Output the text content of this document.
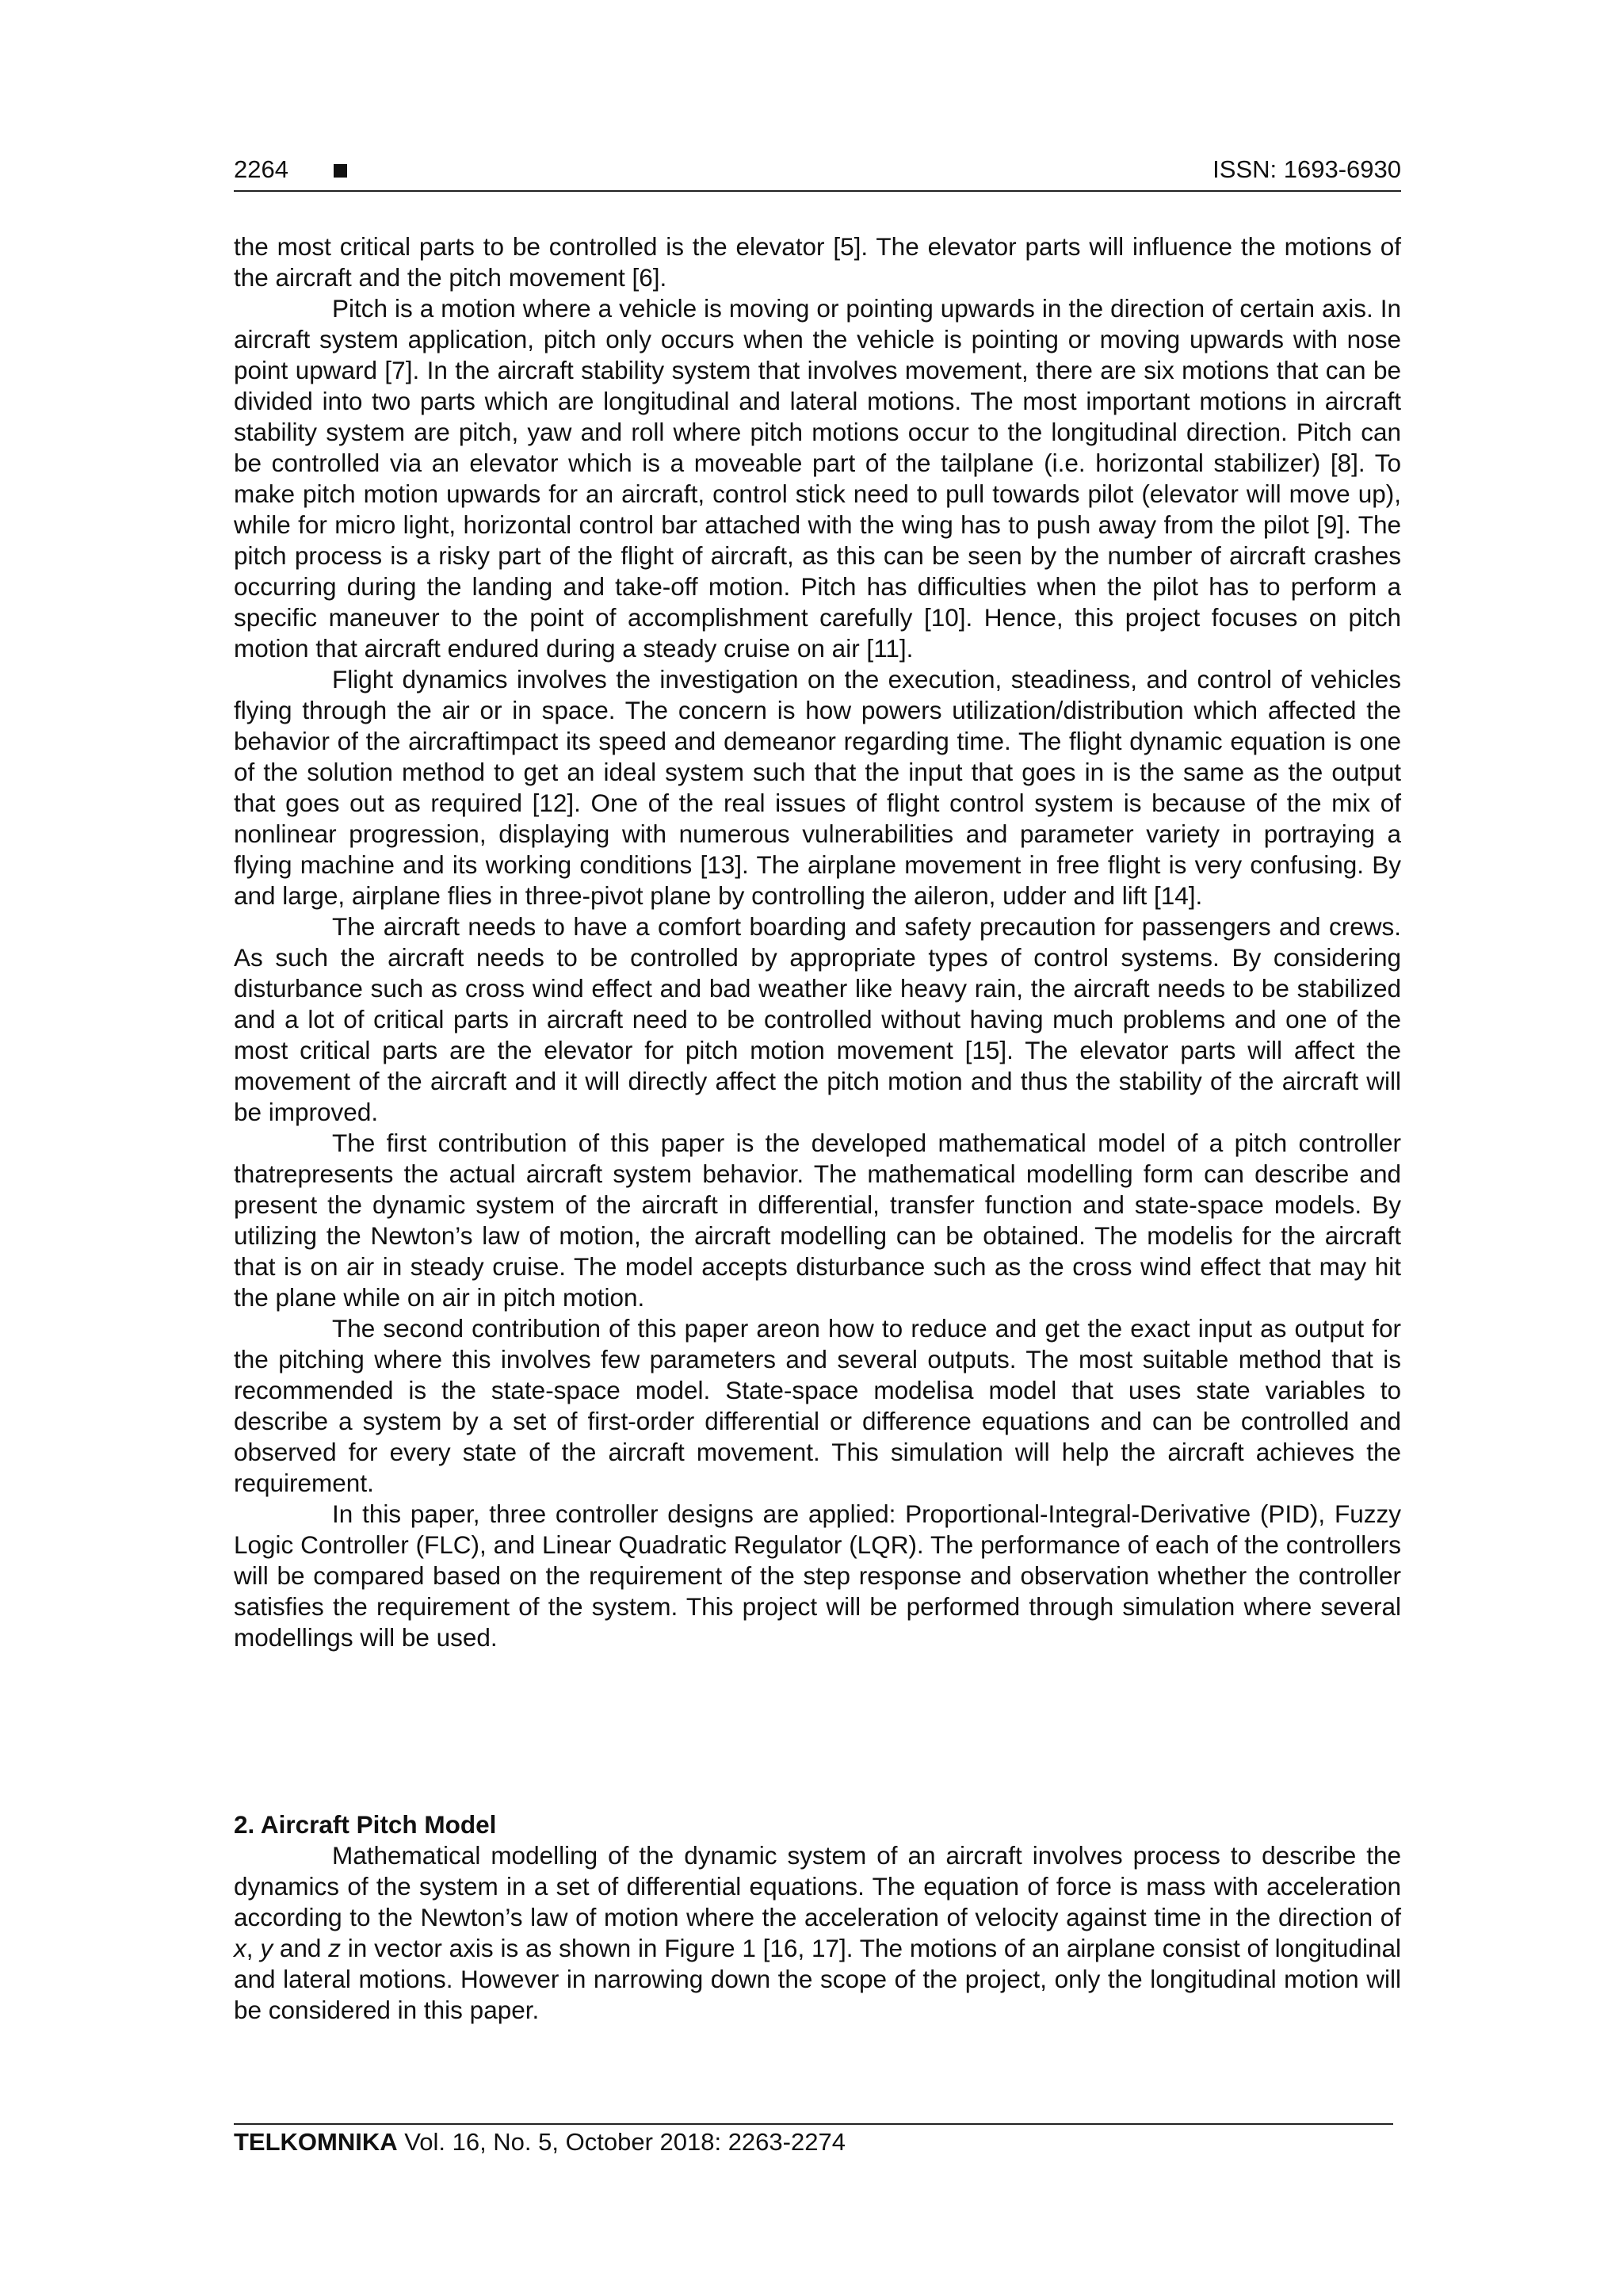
2264	ISSN: 1693-6930

the most critical parts to be controlled is the elevator [5]. The elevator parts will influence the motions of the aircraft and the pitch movement [6].

Pitch is a motion where a vehicle is moving or pointing upwards in the direction of certain axis. In aircraft system application, pitch only occurs when the vehicle is pointing or moving upwards with nose point upward [7]. In the aircraft stability system that involves movement, there are six motions that can be divided into two parts which are longitudinal and lateral motions. The most important motions in aircraft stability system are pitch, yaw and roll where pitch motions occur to the longitudinal direction. Pitch can be controlled via an elevator which is a moveable part of the tailplane (i.e. horizontal stabilizer) [8]. To make pitch motion upwards for an aircraft, control stick need to pull towards pilot (elevator will move up), while for micro light, horizontal control bar attached with the wing has to push away from the pilot [9]. The pitch process is a risky part of the flight of aircraft, as this can be seen by the number of aircraft crashes occurring during the landing and take-off motion. Pitch has difficulties when the pilot has to perform a specific maneuver to the point of accomplishment carefully [10]. Hence, this project focuses on pitch motion that aircraft endured during a steady cruise on air [11].

Flight dynamics involves the investigation on the execution, steadiness, and control of vehicles flying through the air or in space. The concern is how powers utilization/distribution which affected the behavior of the aircraftimpact its speed and demeanor regarding time. The flight dynamic equation is one of the solution method to get an ideal system such that the input that goes in is the same as the output that goes out as required [12]. One of the real issues of flight control system is because of the mix of nonlinear progression, displaying with numerous vulnerabilities and parameter variety in portraying a flying machine and its working conditions [13]. The airplane movement in free flight is very confusing. By and large, airplane flies in three-pivot plane by controlling the aileron, udder and lift [14].

The aircraft needs to have a comfort boarding and safety precaution for passengers and crews. As such the aircraft needs to be controlled by appropriate types of control systems. By considering disturbance such as cross wind effect and bad weather like heavy rain, the aircraft needs to be stabilized and a lot of critical parts in aircraft need to be controlled without having much problems and one of the most critical parts are the elevator for pitch motion movement [15]. The elevator parts will affect the movement of the aircraft and it will directly affect the pitch motion and thus the stability of the aircraft will be improved.

The first contribution of this paper is the developed mathematical model of a pitch controller thatrepresents the actual aircraft system behavior. The mathematical modelling form can describe and present the dynamic system of the aircraft in differential, transfer function and state-space models. By utilizing the Newton’s law of motion, the aircraft modelling can be obtained. The modelis for the aircraft that is on air in steady cruise. The model accepts disturbance such as the cross wind effect that may hit the plane while on air in pitch motion.

The second contribution of this paper areon how to reduce and get the exact input as output for the pitching where this involves few parameters and several outputs. The most suitable method that is recommended is the state-space model. State-space modelisa model that uses state variables to describe a system by a set of first-order differential or difference equations and can be controlled and observed for every state of the aircraft movement. This simulation will help the aircraft achieves the requirement.

In this paper, three controller designs are applied: Proportional-Integral-Derivative (PID), Fuzzy Logic Controller (FLC), and Linear Quadratic Regulator (LQR). The performance of each of the controllers will be compared based on the requirement of the step response and observation whether the controller satisfies the requirement of the system. This project will be performed through simulation where several modellings will be used.

2. Aircraft Pitch Model

Mathematical modelling of the dynamic system of an aircraft involves process to describe the dynamics of the system in a set of differential equations. The equation of force is mass with acceleration according to the Newton’s law of motion where the acceleration of velocity against time in the direction of x, y and z in vector axis is as shown in Figure 1 [16, 17]. The motions of an airplane consist of longitudinal and lateral motions. However in narrowing down the scope of the project, only the longitudinal motion will be considered in this paper.

TELKOMNIKA Vol. 16, No. 5, October 2018: 2263-2274
